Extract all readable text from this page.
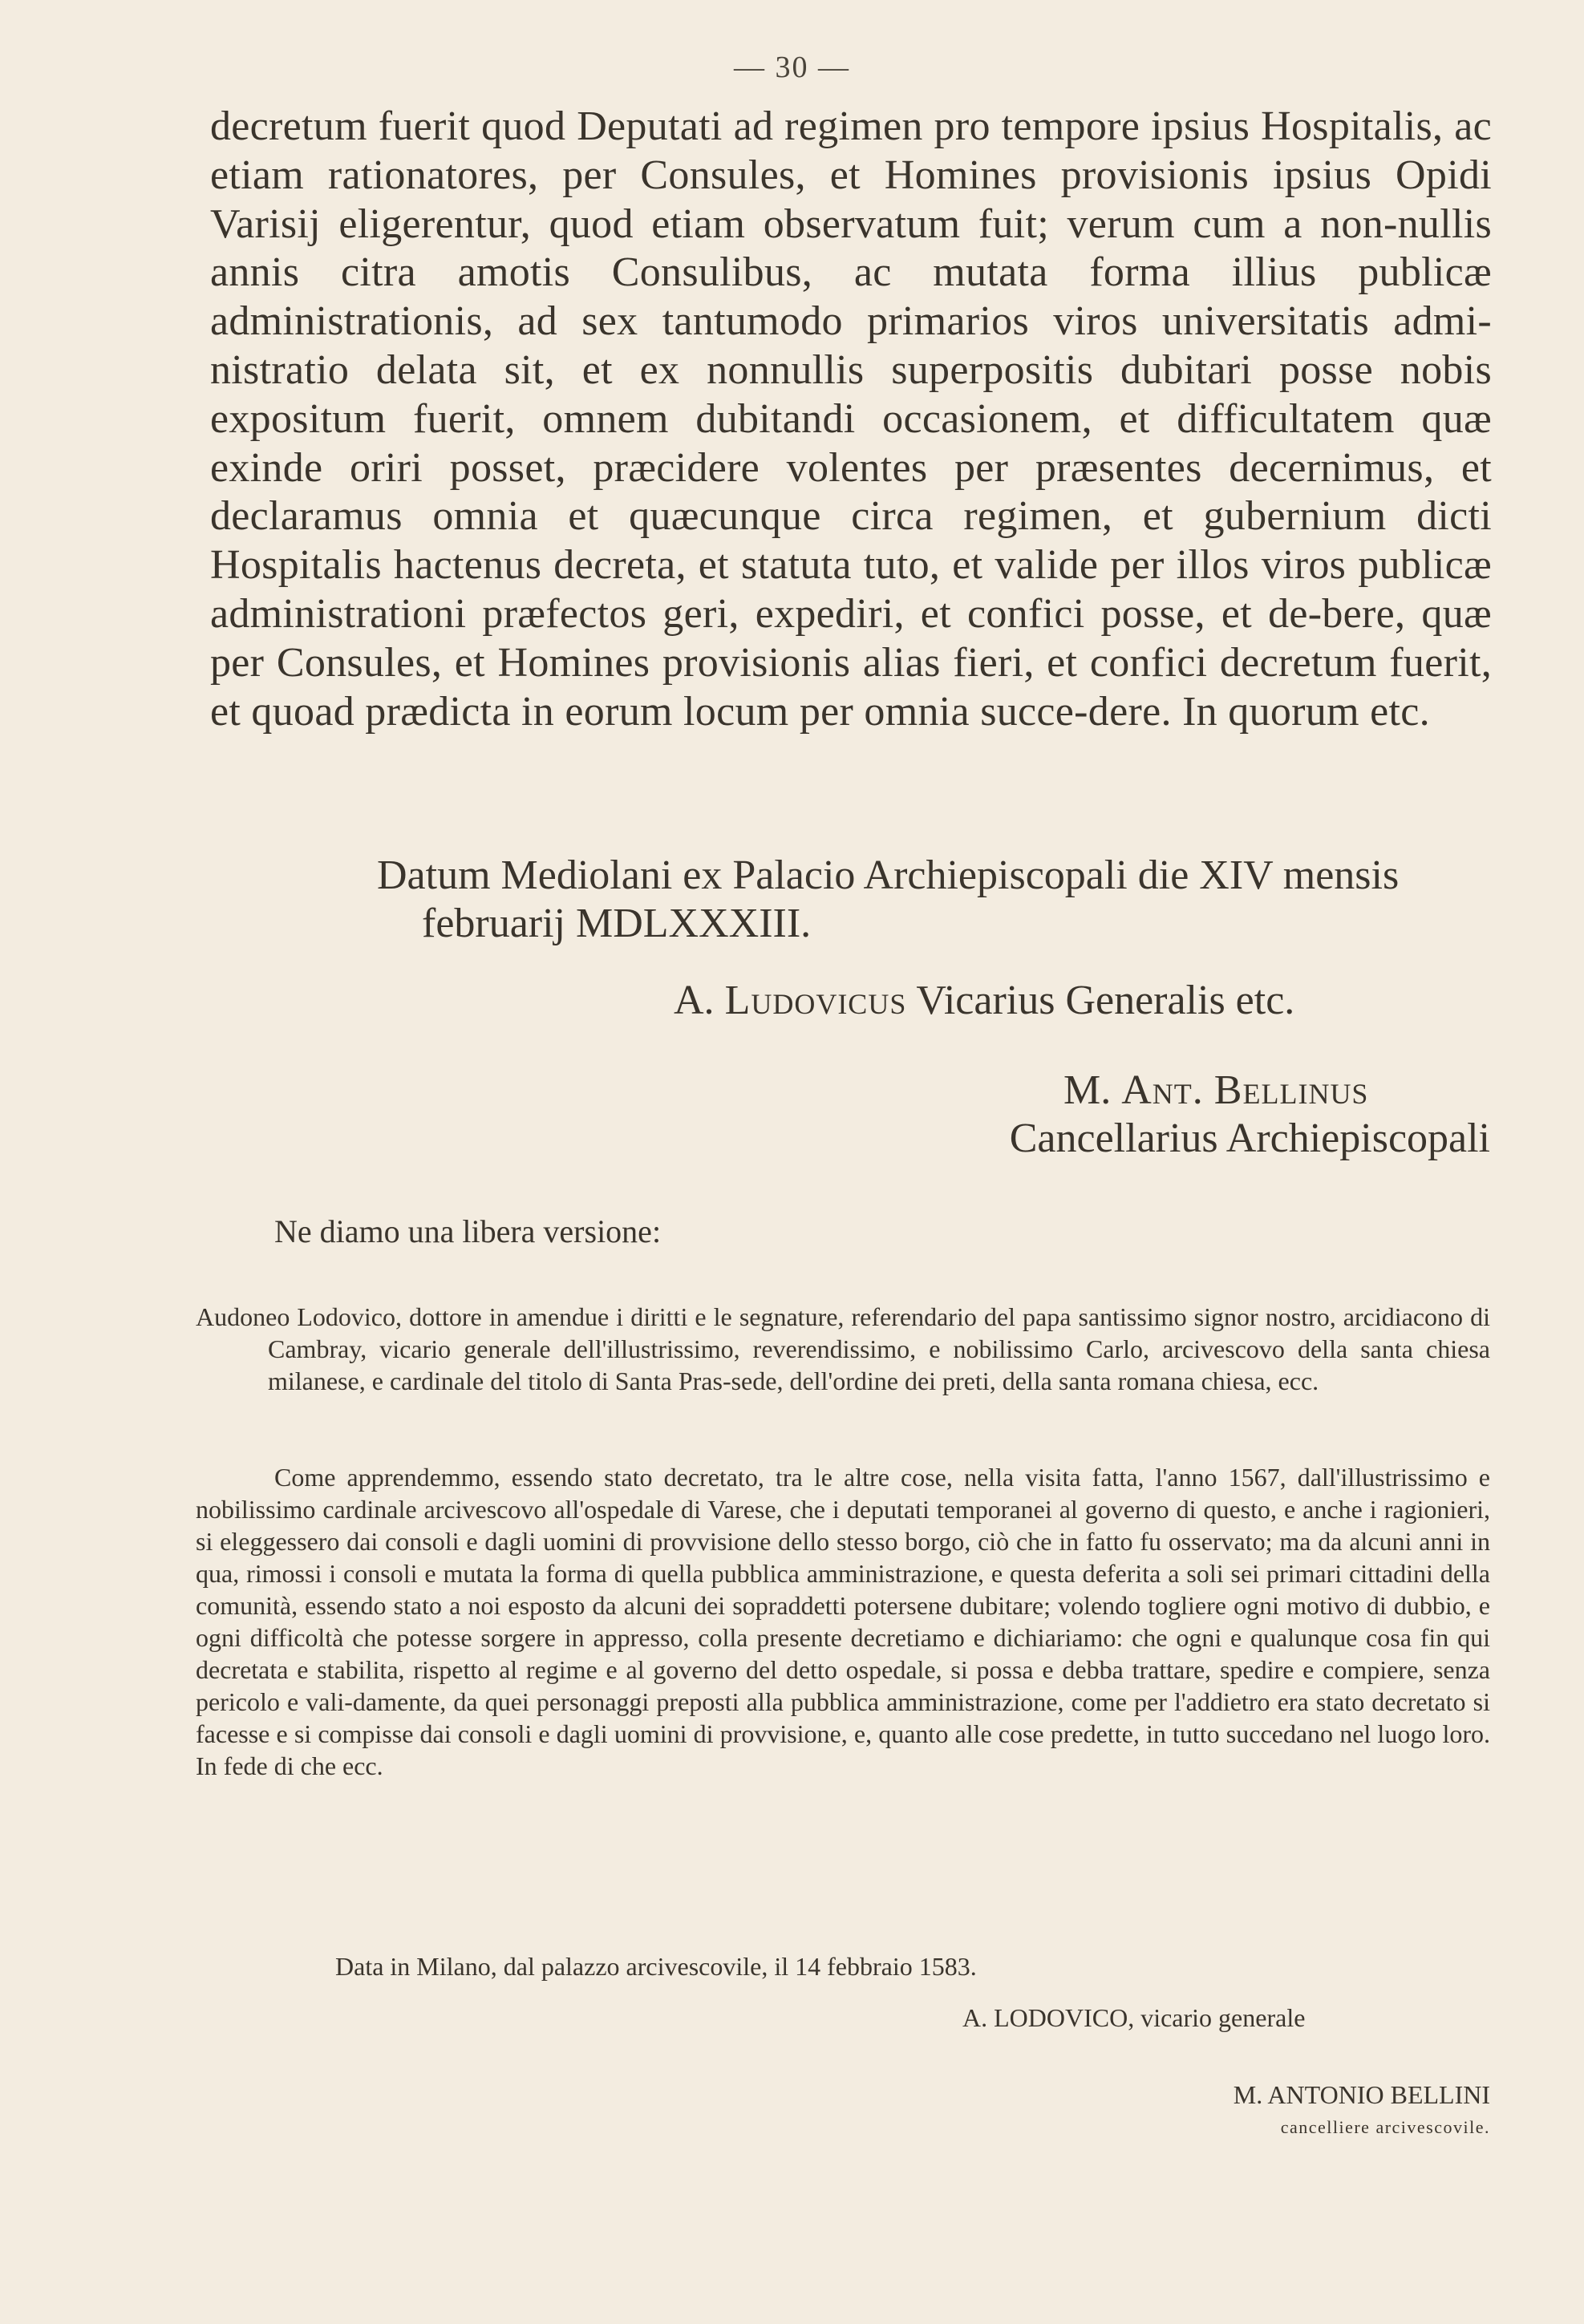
— 30 —

decretum fuerit quod Deputati ad regimen pro tempore ipsius Hospitalis, ac etiam rationatores, per Consules, et Homines provisionis ipsius Opidi Varisij eligerentur, quod etiam observatum fuit; verum cum a non-nullis annis citra amotis Consulibus, ac mutata forma illius publicæ administrationis, ad sex tantumodo primarios viros universitatis admi-nistratio delata sit, et ex nonnullis superpositis dubitari posse nobis expositum fuerit, omnem dubitandi occasionem, et difficultatem quæ exinde oriri posset, præcidere volentes per præsentes decernimus, et declaramus omnia et quæcunque circa regimen, et gubernium dicti Hospitalis hactenus decreta, et statuta tuto, et valide per illos viros publicæ administrationi præfectos geri, expediri, et confici posse, et de-bere, quæ per Consules, et Homines provisionis alias fieri, et confici decretum fuerit, et quoad prædicta in eorum locum per omnia succe-dere. In quorum etc.

Datum Mediolani ex Palacio Archiepiscopali die XIV mensis

februarij MDLXXXIII.

A. Ludovicus Vicarius Generalis etc.
M. Ant. Bellinus
Cancellarius Archiepiscopali
Ne diamo una libera versione:

Audoneo Lodovico, dottore in amendue i diritti e le segnature, referendario del papa santissimo signor nostro, arcidiacono di Cambray, vicario generale dell'illustrissimo, reverendissimo, e nobilissimo Carlo, arcivescovo della santa chiesa milanese, e cardinale del titolo di Santa Pras-sede, dell'ordine dei preti, della santa romana chiesa, ecc.

Come apprendemmo, essendo stato decretato, tra le altre cose, nella visita fatta, l'anno 1567, dall'illustrissimo e nobilissimo cardinale arcivescovo all'ospedale di Varese, che i deputati temporanei al governo di questo, e anche i ragionieri, si eleggessero dai consoli e dagli uomini di provvisione dello stesso borgo, ciò che in fatto fu osservato; ma da alcuni anni in qua, rimossi i consoli e mutata la forma di quella pubblica amministrazione, e questa deferita a soli sei primari cittadini della comunità, essendo stato a noi esposto da alcuni dei sopraddetti potersene dubitare; volendo togliere ogni motivo di dubbio, e ogni difficoltà che potesse sorgere in appresso, colla presente decretiamo e dichiariamo: che ogni e qualunque cosa fin qui decretata e stabilita, rispetto al regime e al governo del detto ospedale, si possa e debba trattare, spedire e compiere, senza pericolo e vali-damente, da quei personaggi preposti alla pubblica amministrazione, come per l'addietro era stato decretato si facesse e si compisse dai consoli e dagli uomini di provvisione, e, quanto alle cose predette, in tutto succedano nel luogo loro. In fede di che ecc.

Data in Milano, dal palazzo arcivescovile, il 14 febbraio 1583.
A. LODOVICO, vicario generale
M. ANTONIO BELLINI
cancelliere arcivescovile.
